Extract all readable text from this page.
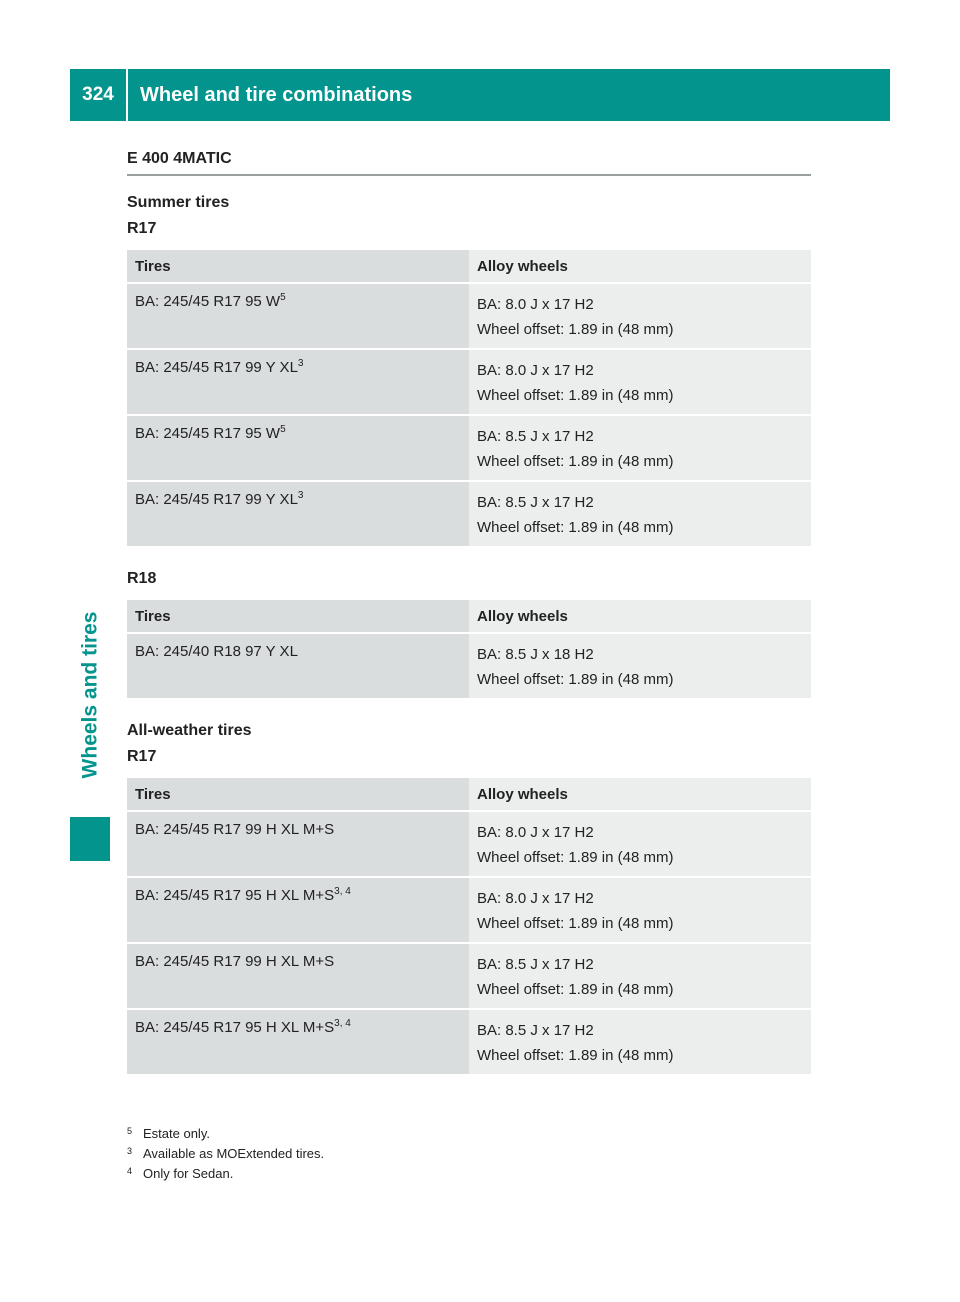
324	Wheel and tire combinations
Wheels and tires
E 400 4MATIC
Summer tires
R17
Tires	Alloy wheels
BA: 245/45 R17 95 $W^5$	BA: 8.0 J x 17 H2
Wheel offset: 1.89 in (48 mm)

BA: 245/45 R17 99 Y $XL^3$	BA: 8.0 J x 17 H2
Wheel offset: 1.89 in (48 mm)

BA: 245/45 R17 95 $W^5$	BA: 8.5 J x 17 H2
Wheel offset: 1.89 in (48 mm)

BA: 245/45 R17 99 Y $XL^3$	BA: 8.5 J x 17 H2
Wheel offset: 1.89 in (48 mm)
R18
Tires	Alloy wheels
BA: 245/40 R18 97 Y XL	BA: 8.5 J x 18 H2
Wheel offset: 1.89 in (48 mm)
All-weather tires
R17
Tires	Alloy wheels
BA: 245/45 R17 99 H XL M+S	BA: 8.0 J x 17 H2
Wheel offset: 1.89 in (48 mm)

BA: 245/45 R17 95 H XL $M+S^{3, 4}$	BA: 8.0 J x 17 H2
Wheel offset: 1.89 in (48 mm)

BA: 245/45 R17 99 H XL M+S	BA: 8.5 J x 17 H2
Wheel offset: 1.89 in (48 mm)

BA: 245/45 R17 95 H XL $M+S^{3, 4}$	BA: 8.5 J x 17 H2
Wheel offset: 1.89 in (48 mm)
5 Estate only.
3 Available as MOExtended tires.
4 Only for Sedan.
